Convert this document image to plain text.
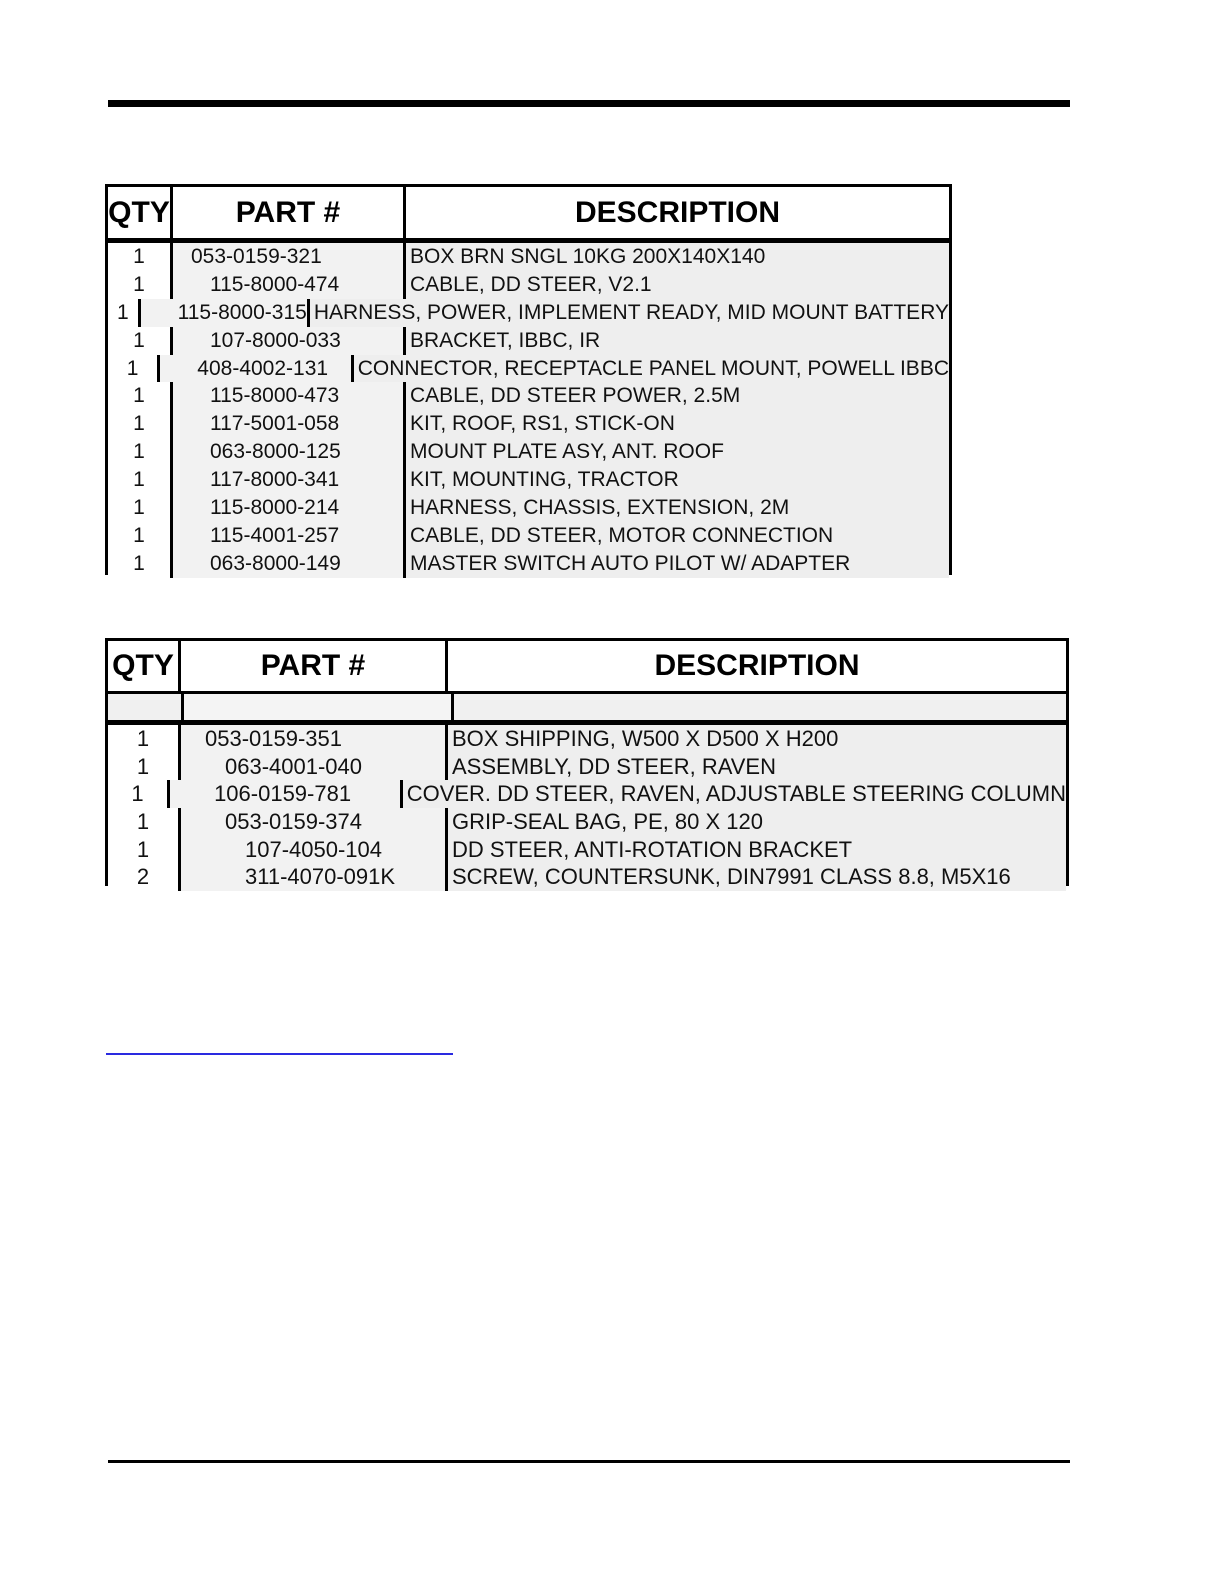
QTY	PART #	DESCRIPTION
1	053-0159-321	BOX BRN SNGL 10KG 200X140X140
1	115-8000-474	CABLE, DD STEER, V2.1
1	115-8000-315 HARNESS, POWER, IMPLEMENT READY, MID MOUNT BATTERY
1	107-8000-033	BRACKET, IBBC, IR
1	408-4002-131	CONNECTOR, RECEPTACLE PANEL MOUNT, POWELL IBBC
1	115-8000-473	CABLE, DD STEER POWER, 2.5M
1	117-5001-058	KIT, ROOF, RS1, STICK-ON
1	063-8000-125	MOUNT PLATE ASY, ANT. ROOF
1	117-8000-341	KIT, MOUNTING, TRACTOR
1	115-8000-214	HARNESS, CHASSIS, EXTENSION, 2M
1	115-4001-257	CABLE, DD STEER, MOTOR CONNECTION
1	063-8000-149	MASTER SWITCH AUTO PILOT W/ ADAPTER
QTY	PART #	DESCRIPTION
1	053-0159-351	BOX SHIPPING, W500 X D500 X H200
1	063-4001-040	ASSEMBLY, DD STEER, RAVEN
1	106-0159-781	COVER. DD STEER, RAVEN, ADJUSTABLE STEERING COLUMN
1	053-0159-374	GRIP-SEAL BAG, PE, 80 X 120
1	107-4050-104	DD STEER, ANTI-ROTATION BRACKET
2	311-4070-091K	SCREW, COUNTERSUNK, DIN7991 CLASS 8.8, M5X16
